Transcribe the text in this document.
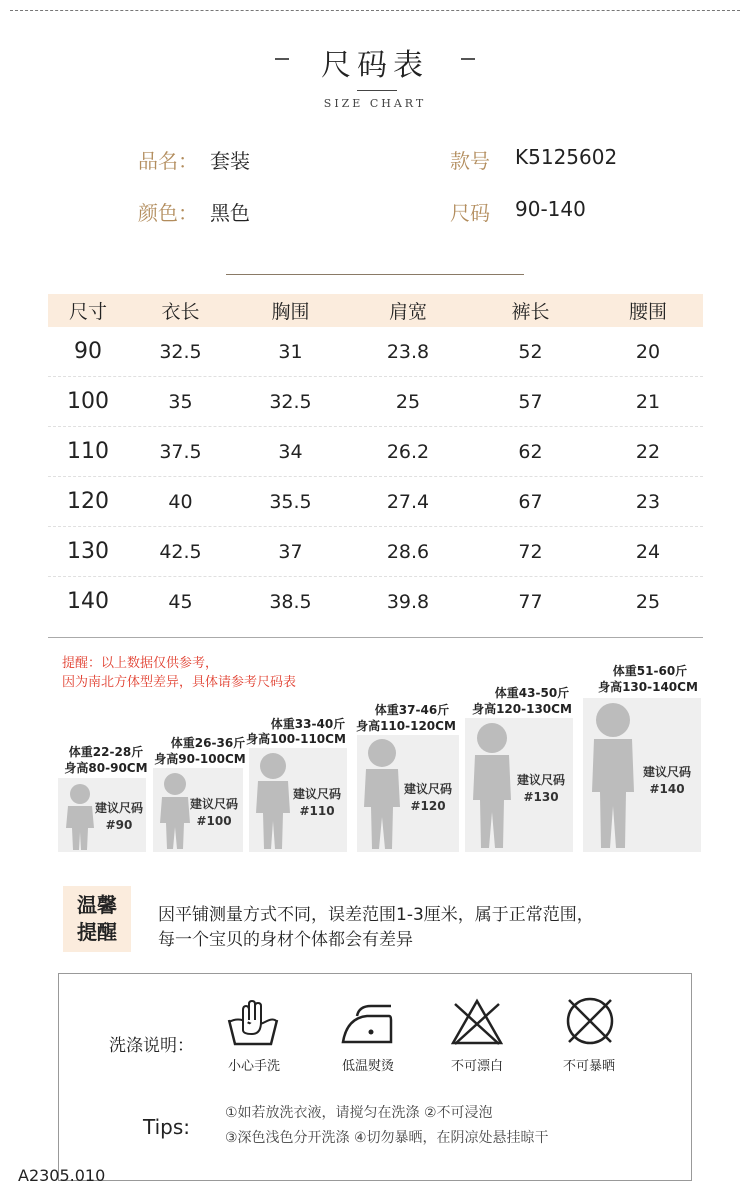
尺码表
SIZE CHART
品名： 套装	款号 K5125602
颜色： 黑色	尺码 90-140
尺寸	衣长	胸围	肩宽	裤长	腰围
90	32.5	31	23.8	52	20
100	35	32.5	25	57	21
110	37.5	34	26.2	62	22
120	40	35.5	27.4	67	23
130	42.5	37	28.6	72	24
140	45	38.5	39.8	77	25
提醒：以上数据仅供参考，
因为南北方体型差异，具体请参考尺码表
体重22-28斤
身高80-90CM
建议尺码
#90
体重26-36斤
身高90-100CM
建议尺码
#100
体重33-40斤
身高100-110CM
建议尺码
#110
体重37-46斤
身高110-120CM
建议尺码
#120
体重43-50斤
身高120-130CM
建议尺码
#130
体重51-60斤
身高130-140CM
建议尺码
#140
温馨
提醒
因平铺测量方式不同，误差范围1-3厘米，属于正常范围，
每一个宝贝的身材个体都会有差异
洗涤说明：
小心手洗	低温熨烫	不可漂白	不可暴晒
Tips:
①如若放洗衣液，请搅匀在洗涤 ②不可浸泡
③深色浅色分开洗涤 ④切勿暴晒，在阴凉处悬挂晾干
A2305.010
